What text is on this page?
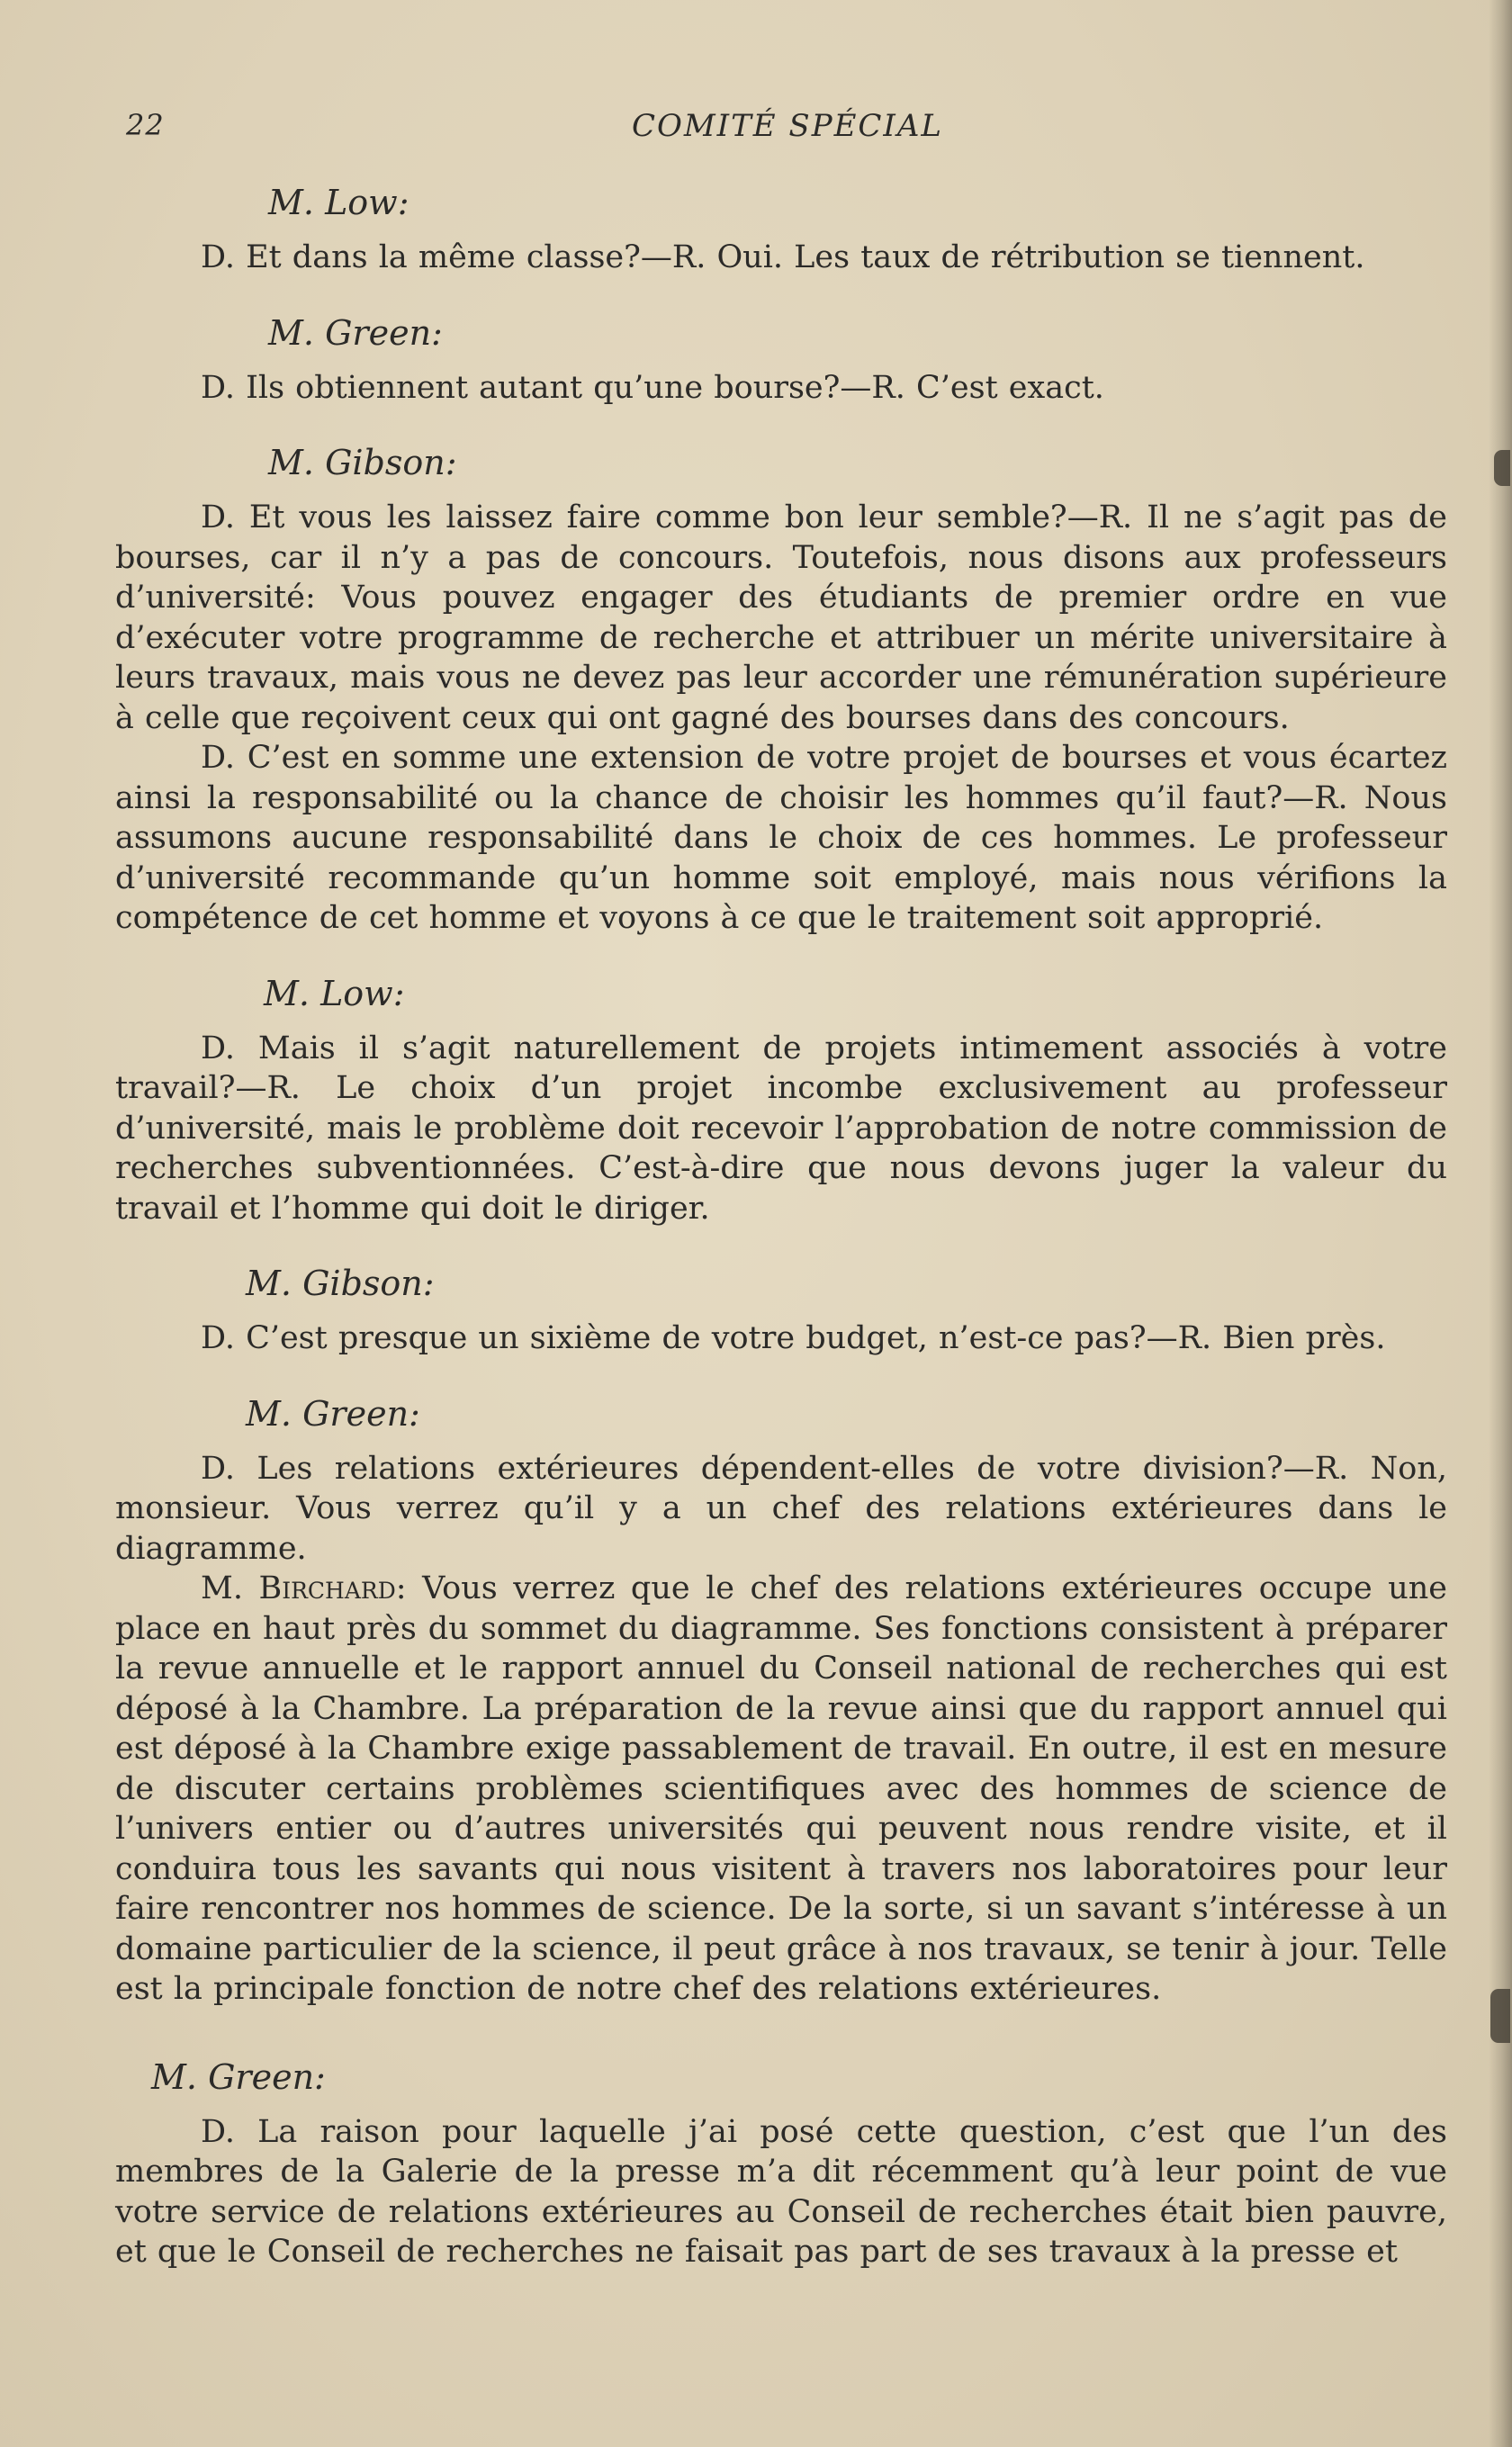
22	COMITÉ SPÉCIAL
M. Low:

D. Et dans la même classe?—R. Oui. Les taux de rétribution se tiennent.

M. Green:

D. Ils obtiennent autant qu’une bourse?—R. C’est exact.

M. Gibson:

D. Et vous les laissez faire comme bon leur semble?—R. Il ne s’agit pas de bourses, car il n’y a pas de concours. Toutefois, nous disons aux professeurs d’université: Vous pouvez engager des étudiants de premier ordre en vue d’exécuter votre programme de recherche et attribuer un mérite universitaire à leurs travaux, mais vous ne devez pas leur accorder une rémunération supérieure à celle que reçoivent ceux qui ont gagné des bourses dans des concours.

D. C’est en somme une extension de votre projet de bourses et vous écartez ainsi la responsabilité ou la chance de choisir les hommes qu’il faut?—R. Nous assumons aucune responsabilité dans le choix de ces hommes. Le professeur d’université recommande qu’un homme soit employé, mais nous vérifions la compétence de cet homme et voyons à ce que le traitement soit approprié.

M. Low:

D. Mais il s’agit naturellement de projets intimement associés à votre travail?—R. Le choix d’un projet incombe exclusivement au professeur d’université, mais le problème doit recevoir l’approbation de notre commission de recherches subventionnées. C’est-à-dire que nous devons juger la valeur du travail et l’homme qui doit le diriger.

M. Gibson:

D. C’est presque un sixième de votre budget, n’est-ce pas?—R. Bien près.

M. Green:

D. Les relations extérieures dépendent-elles de votre division?—R. Non, monsieur. Vous verrez qu’il y a un chef des relations extérieures dans le diagramme.

M. Birchard: Vous verrez que le chef des relations extérieures occupe une place en haut près du sommet du diagramme. Ses fonctions consistent à préparer la revue annuelle et le rapport annuel du Conseil national de recherches qui est déposé à la Chambre. La préparation de la revue ainsi que du rapport annuel qui est déposé à la Chambre exige passablement de travail. En outre, il est en mesure de discuter certains problèmes scientifiques avec des hommes de science de l’univers entier ou d’autres universités qui peuvent nous rendre visite, et il conduira tous les savants qui nous visitent à travers nos laboratoires pour leur faire rencontrer nos hommes de science. De la sorte, si un savant s’intéresse à un domaine particulier de la science, il peut grâce à nos travaux, se tenir à jour. Telle est la principale fonction de notre chef des relations extérieures.

M. Green:

D. La raison pour laquelle j’ai posé cette question, c’est que l’un des membres de la Galerie de la presse m’a dit récemment qu’à leur point de vue votre service de relations extérieures au Conseil de recherches était bien pauvre, et que le Conseil de recherches ne faisait pas part de ses travaux à la presse et
